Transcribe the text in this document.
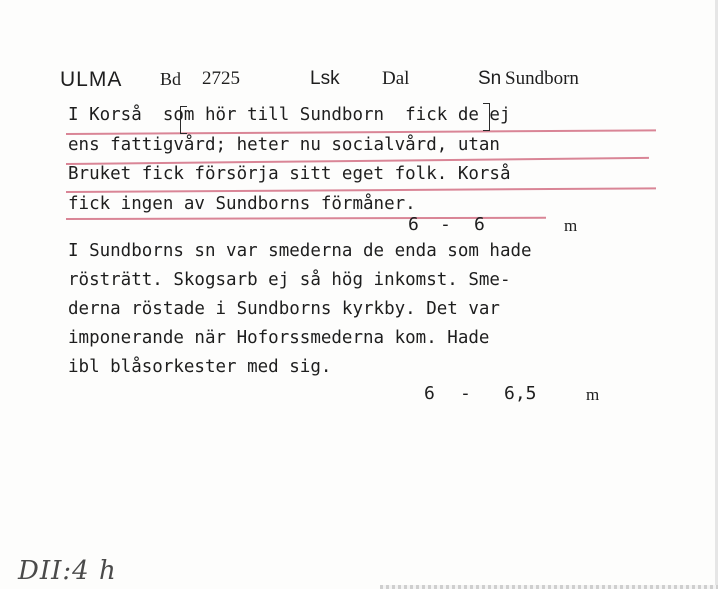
ULMA Bd 2725	Lsk Dal	Sn Sundborn
I Korså  som hör till Sundborn  fick de ej
ens fattigvård; heter nu socialvård, utan
Bruket fick försörja sitt eget folk. Korså
fick ingen av Sundborns förmåner.
6 - 6	m
I Sundborns sn var smederna de enda som hade
rösträtt. Skogsarb ej så hög inkomst. Sme-
derna röstade i Sundborns kyrkby. Det var
imponerande när Hoforssmederna kom. Hade
ibl blåsorkester med sig.
6 - 6,5	m
DII:4 h
